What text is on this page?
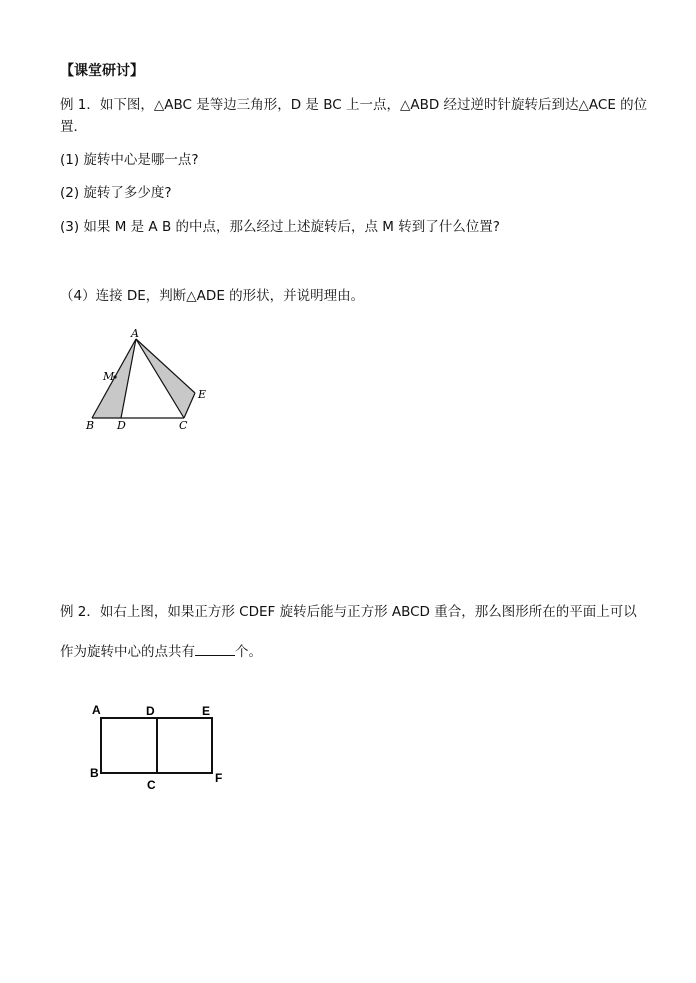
【课堂研讨】
例 1．如下图，△ABC 是等边三角形，D 是 BC 上一点，△ABD 经过逆时针旋转后到达△ACE 的位
置．
(1) 旋转中心是哪一点?
(2) 旋转了多少度?
(3) 如果 M 是 A B 的中点，那么经过上述旋转后，点 M 转到了什么位置?
（4）连接 DE，判断△ADE 的形状，并说明理由。
A
M
B D	C
E
例 2．如右上图，如果正方形 CDEF 旋转后能与正方形 ABCD 重合，那么图形所在的平面上可以
作为旋转中心的点共有	个。
A	D	E
B
C	F
